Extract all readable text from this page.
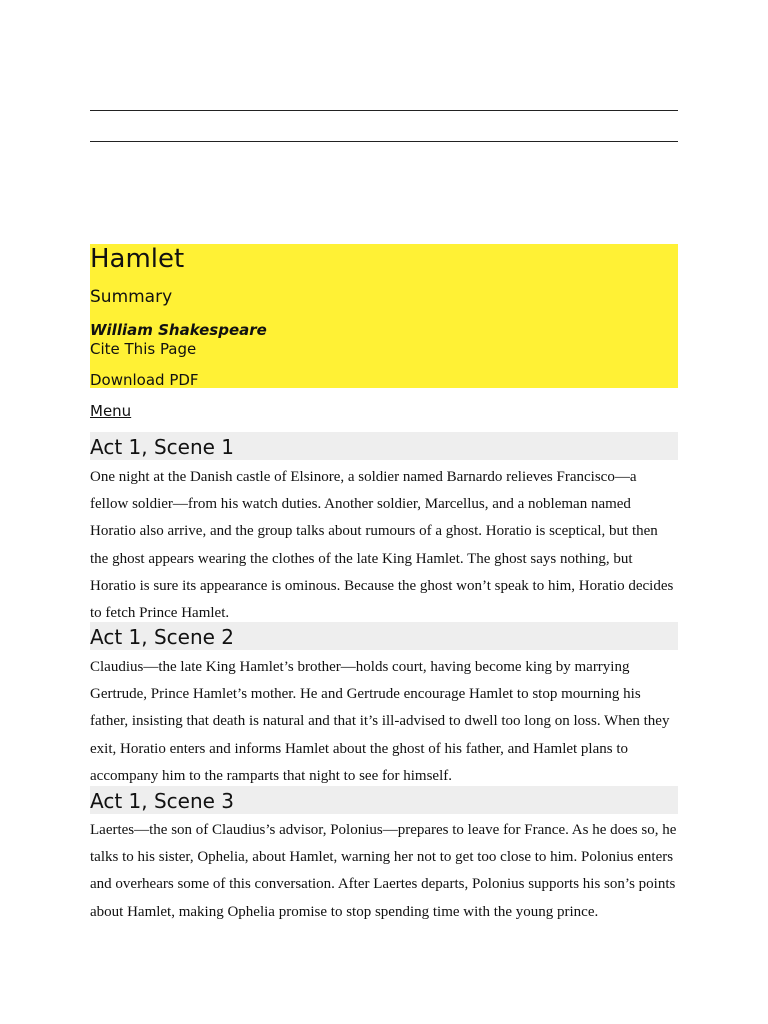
Hamlet
Summary
William Shakespeare
Cite This Page
Download PDF
Menu
Act 1, Scene 1

One night at the Danish castle of Elsinore, a soldier named Barnardo relieves Francisco—a fellow soldier—from his watch duties. Another soldier, Marcellus, and a nobleman named Horatio also arrive, and the group talks about rumours of a ghost. Horatio is sceptical, but then the ghost appears wearing the clothes of the late King Hamlet. The ghost says nothing, but Horatio is sure its appearance is ominous. Because the ghost won’t speak to him, Horatio decides to fetch Prince Hamlet.

Act 1, Scene 2

Claudius—the late King Hamlet’s brother—holds court, having become king by marrying Gertrude, Prince Hamlet’s mother. He and Gertrude encourage Hamlet to stop mourning his father, insisting that death is natural and that it’s ill-advised to dwell too long on loss. When they exit, Horatio enters and informs Hamlet about the ghost of his father, and Hamlet plans to accompany him to the ramparts that night to see for himself.

Act 1, Scene 3

Laertes—the son of Claudius’s advisor, Polonius—prepares to leave for France. As he does so, he talks to his sister, Ophelia, about Hamlet, warning her not to get too close to him. Polonius enters and overhears some of this conversation. After Laertes departs, Polonius supports his son’s points about Hamlet, making Ophelia promise to stop spending time with the young prince.
